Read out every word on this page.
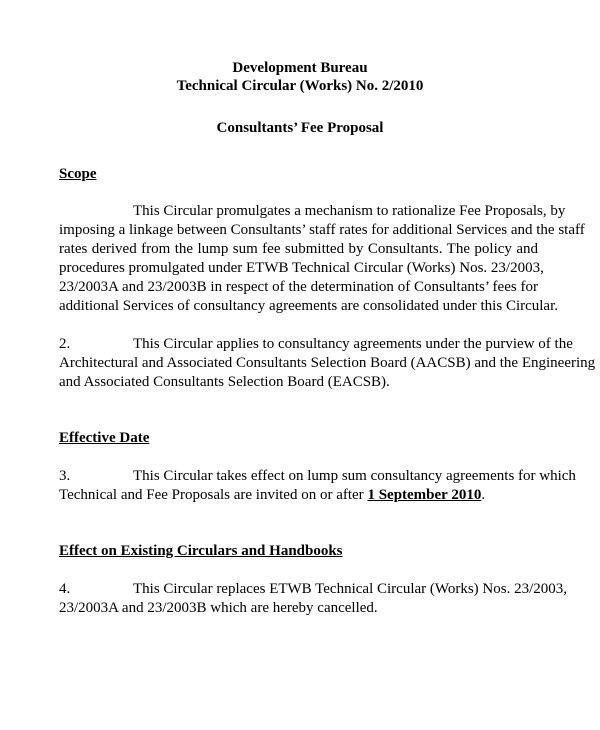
Development Bureau
Technical Circular (Works) No. 2/2010
Consultants’ Fee Proposal
Scope
This Circular promulgates a mechanism to rationalize Fee Proposals, by
imposing a linkage between Consultants’ staff rates for additional Services and the staff
rates derived from the lump sum fee submitted by Consultants. The policy and
procedures promulgated under ETWB Technical Circular (Works) Nos. 23/2003,
23/2003A and 23/2003B in respect of the determination of Consultants’ fees for
additional Services of consultancy agreements are consolidated under this Circular.
2.	This Circular applies to consultancy agreements under the purview of the
Architectural and Associated Consultants Selection Board (AACSB) and the Engineering
and Associated Consultants Selection Board (EACSB).
Effective Date
3.	This Circular takes effect on lump sum consultancy agreements for which
Technical and Fee Proposals are invited on or after 1 September 2010.
Effect on Existing Circulars and Handbooks
4.	This Circular replaces ETWB Technical Circular (Works) Nos. 23/2003,
23/2003A and 23/2003B which are hereby cancelled.
